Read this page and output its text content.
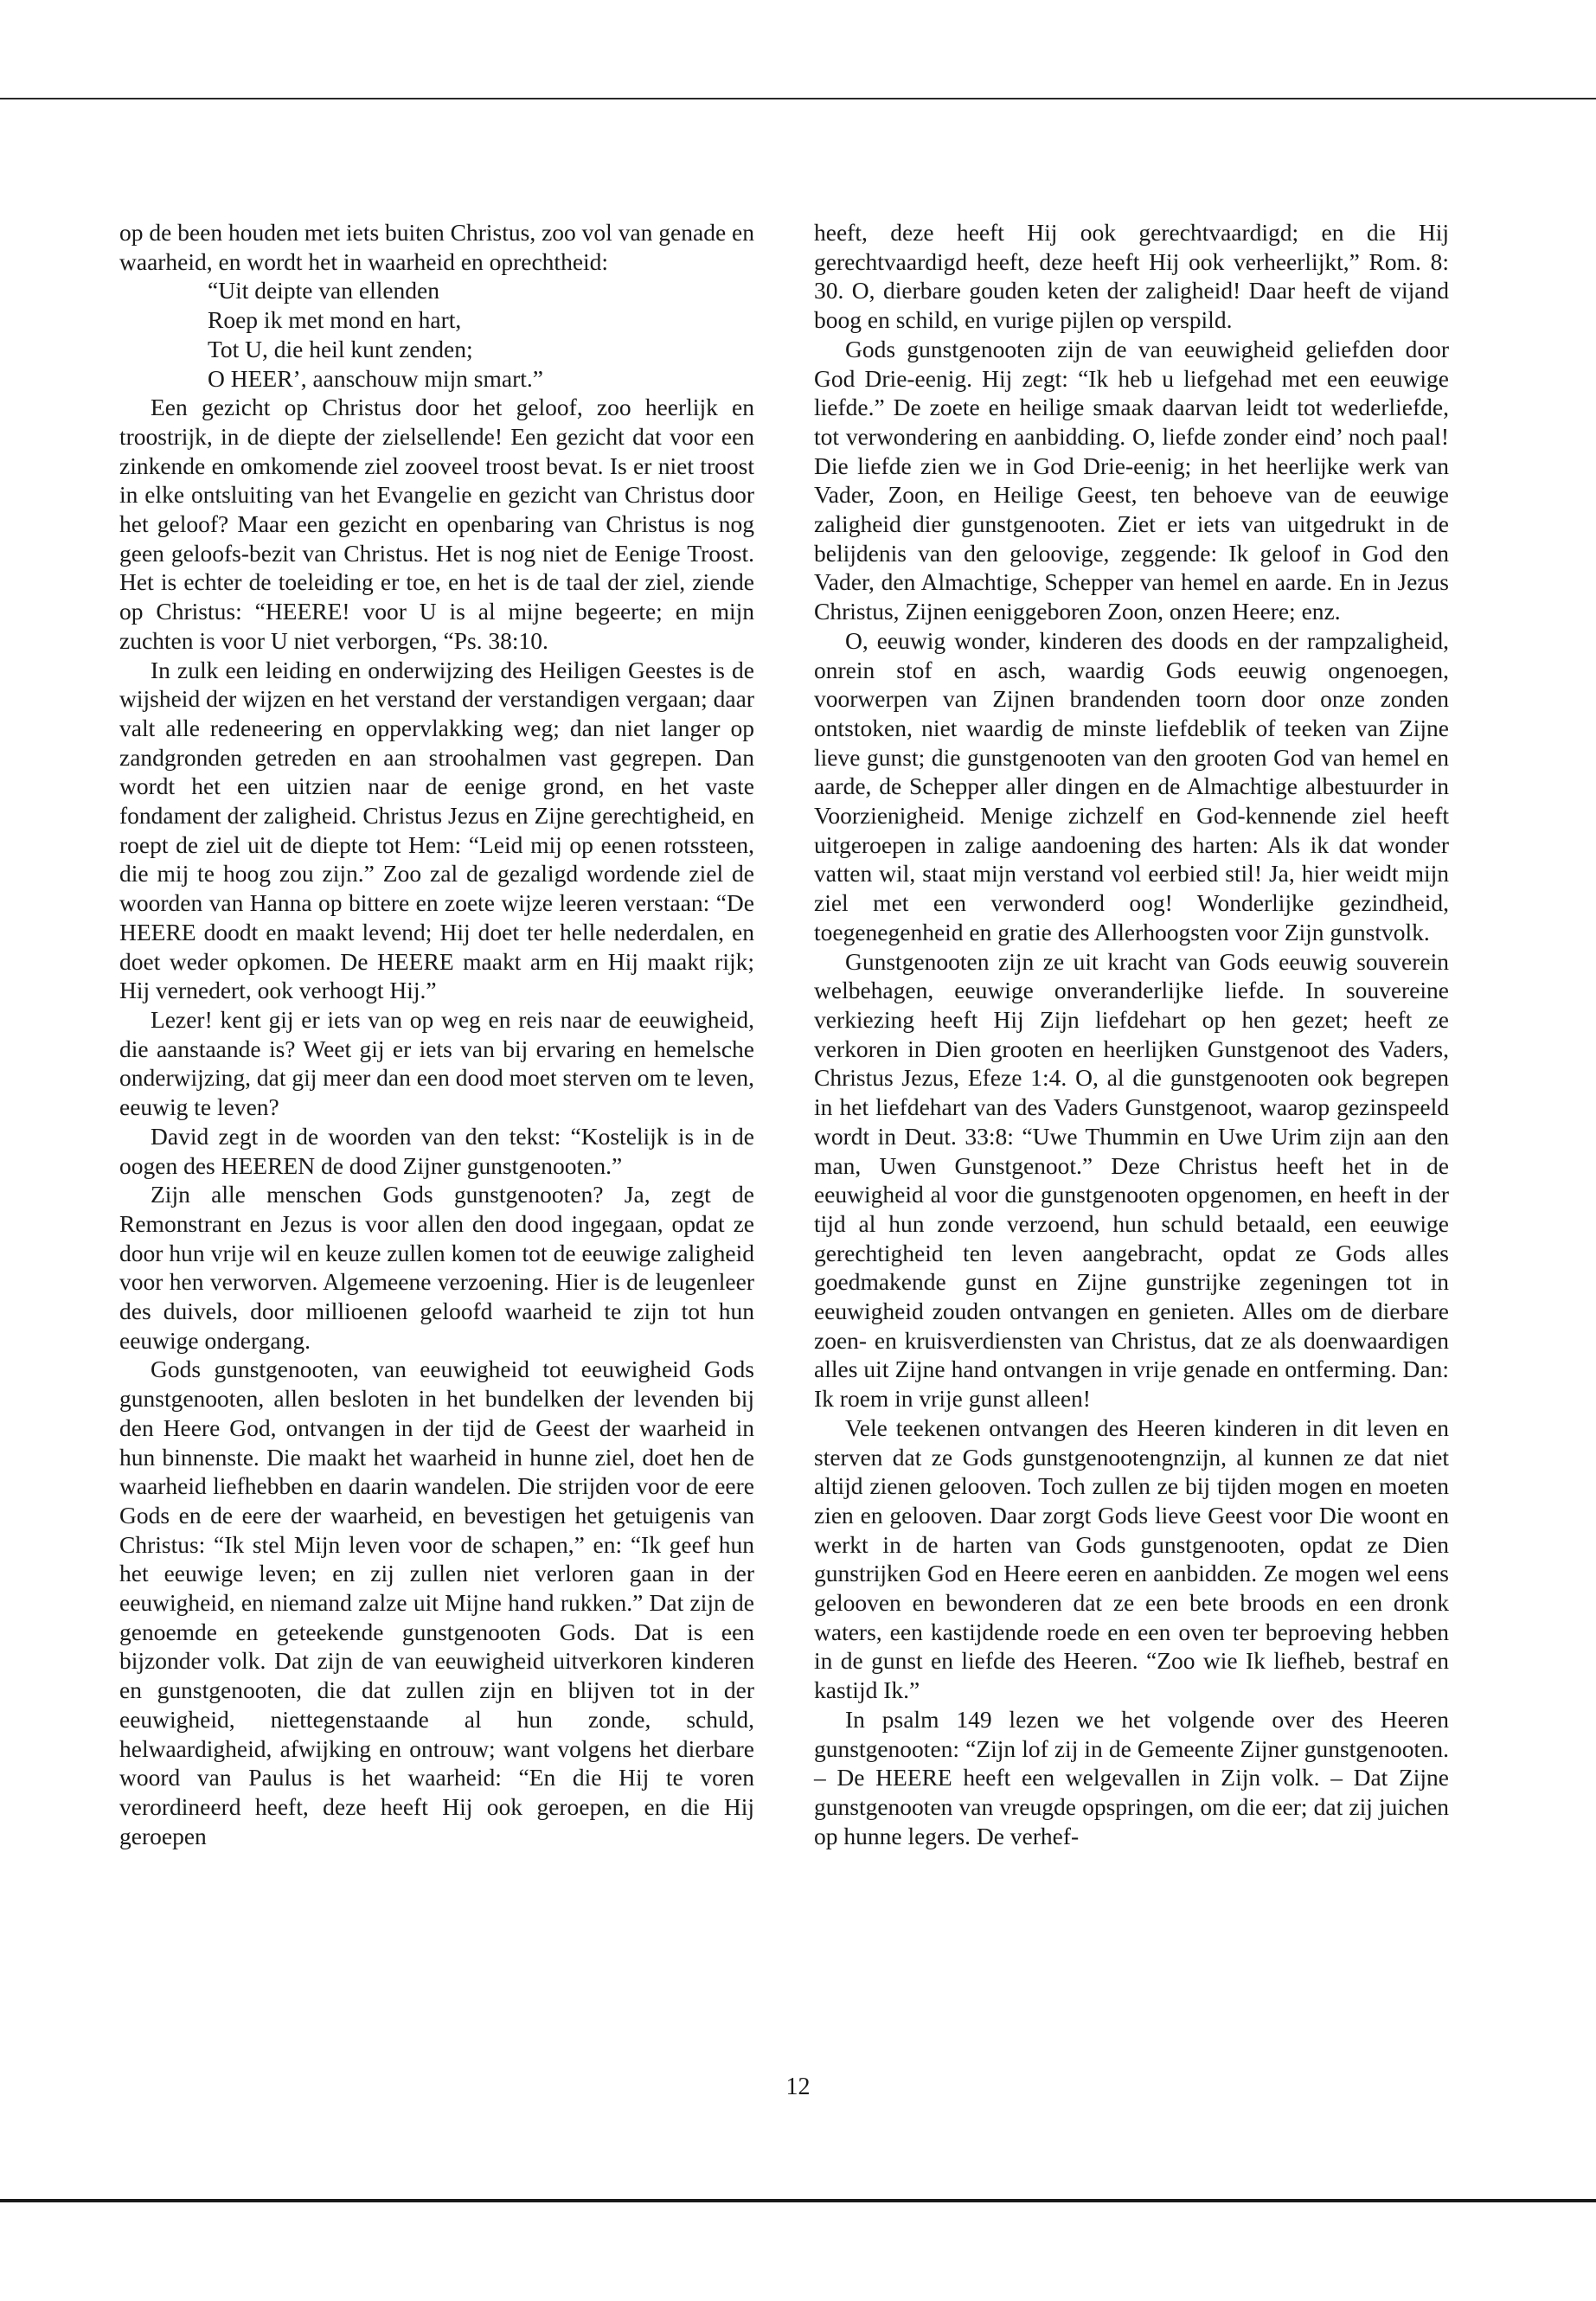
op de been houden met iets buiten Christus, zoo vol van genade en waarheid, en wordt het in waarheid en oprechtheid:

“Uit deipte van ellenden
Roep ik met mond en hart,
Tot U, die heil kunt zenden;
O HEER’, aanschouw mijn smart.”

Een gezicht op Christus door het geloof, zoo heerlijk en troostrijk, in de diepte der zielsellende! Een gezicht dat voor een zinkende en omkomende ziel zooveel troost bevat. Is er niet troost in elke ontsluiting van het Evangelie en gezicht van Christus door het geloof? Maar een gezicht en openbaring van Christus is nog geen geloofs-bezit van Christus. Het is nog niet de Eenige Troost. Het is echter de toeleiding er toe, en het is de taal der ziel, ziende op Christus: “HEERE! voor U is al mijne begeerte; en mijn zuchten is voor U niet verborgen, “Ps. 38:10.

In zulk een leiding en onderwijzing des Heiligen Geestes is de wijsheid der wijzen en het verstand der verstandigen vergaan; daar valt alle redeneering en oppervlakking weg; dan niet langer op zandgronden getreden en aan stroohalmen vast gegrepen. Dan wordt het een uitzien naar de eenige grond, en het vaste fondament der zaligheid. Christus Jezus en Zijne gerechtigheid, en roept de ziel uit de diepte tot Hem: “Leid mij op eenen rotssteen, die mij te hoog zou zijn.” Zoo zal de gezaligd wordende ziel de woorden van Hanna op bittere en zoete wijze leeren verstaan: “De HEERE doodt en maakt levend; Hij doet ter helle nederdalen, en doet weder opkomen. De HEERE maakt arm en Hij maakt rijk; Hij vernedert, ook verhoogt Hij.”

Lezer! kent gij er iets van op weg en reis naar de eeuwigheid, die aanstaande is? Weet gij er iets van bij ervaring en hemelsche onderwijzing, dat gij meer dan een dood moet sterven om te leven, eeuwig te leven?

David zegt in de woorden van den tekst: “Kostelijk is in de oogen des HEEREN de dood Zijner gunstgenooten.”

Zijn alle menschen Gods gunstgenooten? Ja, zegt de Remonstrant en Jezus is voor allen den dood ingegaan, opdat ze door hun vrije wil en keuze zullen komen tot de eeuwige zaligheid voor hen verworven. Algemeene verzoening. Hier is de leugenleer des duivels, door millioenen geloofd waarheid te zijn tot hun eeuwige ondergang.

Gods gunstgenooten, van eeuwigheid tot eeuwigheid Gods gunstgenooten, allen besloten in het bundelken der levenden bij den Heere God, ontvangen in der tijd de Geest der waarheid in hun binnenste. Die maakt het waarheid in hunne ziel, doet hen de waarheid liefhebben en daarin wandelen. Die strijden voor de eere Gods en de eere der waarheid, en bevestigen het getuigenis van Christus: “Ik stel Mijn leven voor de schapen,” en: “Ik geef hun het eeuwige leven; en zij zullen niet verloren gaan in der eeuwigheid, en niemand zalze uit Mijne hand rukken.” Dat zijn de genoemde en geteekende gunstgenooten Gods. Dat is een bijzonder volk. Dat zijn de van eeuwigheid uitverkoren kinderen en gunstgenooten, die dat zullen zijn en blijven tot in der eeuwigheid, niettegenstaande al hun zonde, schuld, helwaardigheid, afwijking en ontrouw; want volgens het dierbare woord van Paulus is het waarheid: “En die Hij te voren verordineerd heeft, deze heeft Hij ook geroepen, en die Hij geroepen

heeft, deze heeft Hij ook gerechtvaardigd; en die Hij gerechtvaardigd heeft, deze heeft Hij ook verheerlijkt,” Rom. 8: 30. O, dierbare gouden keten der zaligheid! Daar heeft de vijand boog en schild, en vurige pijlen op verspild.

Gods gunstgenooten zijn de van eeuwigheid geliefden door God Drie-eenig. Hij zegt: “Ik heb u liefgehad met een eeuwige liefde.” De zoete en heilige smaak daarvan leidt tot wederliefde, tot verwondering en aanbidding. O, liefde zonder eind’ noch paal! Die liefde zien we in God Drie-eenig; in het heerlijke werk van Vader, Zoon, en Heilige Geest, ten behoeve van de eeuwige zaligheid dier gunstgenooten. Ziet er iets van uitgedrukt in de belijdenis van den geloovige, zeggende: Ik geloof in God den Vader, den Almachtige, Schepper van hemel en aarde. En in Jezus Christus, Zijnen eeniggeboren Zoon, onzen Heere; enz.

O, eeuwig wonder, kinderen des doods en der rampzaligheid, onrein stof en asch, waardig Gods eeuwig ongenoegen, voorwerpen van Zijnen brandenden toorn door onze zonden ontstoken, niet waardig de minste liefdeblik of teeken van Zijne lieve gunst; die gunstgenooten van den grooten God van hemel en aarde, de Schepper aller dingen en de Almachtige albestuurder in Voorzienigheid. Menige zichzelf en God-kennende ziel heeft uitgeroepen in zalige aandoening des harten: Als ik dat wonder vatten wil, staat mijn verstand vol eerbied stil! Ja, hier weidt mijn ziel met een verwonderd oog! Wonderlijke gezindheid, toegenegenheid en gratie des Allerhoogsten voor Zijn gunstvolk.

Gunstgenooten zijn ze uit kracht van Gods eeuwig souverein welbehagen, eeuwige onveranderlijke liefde. In souvereine verkiezing heeft Hij Zijn liefdehart op hen gezet; heeft ze verkoren in Dien grooten en heerlijken Gunstgenoot des Vaders, Christus Jezus, Efeze 1:4. O, al die gunstgenooten ook begrepen in het liefdehart van des Vaders Gunstgenoot, waarop gezinspeeld wordt in Deut. 33:8: “Uwe Thummin en Uwe Urim zijn aan den man, Uwen Gunstgenoot.” Deze Christus heeft het in de eeuwigheid al voor die gunstgenooten opgenomen, en heeft in der tijd al hun zonde verzoend, hun schuld betaald, een eeuwige gerechtigheid ten leven aangebracht, opdat ze Gods alles goedmakende gunst en Zijne gunstrijke zegeningen tot in eeuwigheid zouden ontvangen en genieten. Alles om de dierbare zoen- en kruisverdiensten van Christus, dat ze als doenwaardigen alles uit Zijne hand ontvangen in vrije genade en ontferming. Dan: Ik roem in vrije gunst alleen!

Vele teekenen ontvangen des Heeren kinderen in dit leven en sterven dat ze Gods gunstgenootengnzijn, al kunnen ze dat niet altijd zienen gelooven. Toch zullen ze bij tijden mogen en moeten zien en gelooven. Daar zorgt Gods lieve Geest voor Die woont en werkt in de harten van Gods gunstgenooten, opdat ze Dien gunstrijken God en Heere eeren en aanbidden. Ze mogen wel eens gelooven en bewonderen dat ze een bete broods en een dronk waters, een kastijdende roede en een oven ter beproeving hebben in de gunst en liefde des Heeren. “Zoo wie Ik liefheb, bestraf en kastijd Ik.”

In psalm 149 lezen we het volgende over des Heeren gunstgenooten: “Zijn lof zij in de Gemeente Zijner gunstgenooten. – De HEERE heeft een welgevallen in Zijn volk. – Dat Zijne gunstgenooten van vreugde opspringen, om die eer; dat zij juichen op hunne legers. De verhef-

12
